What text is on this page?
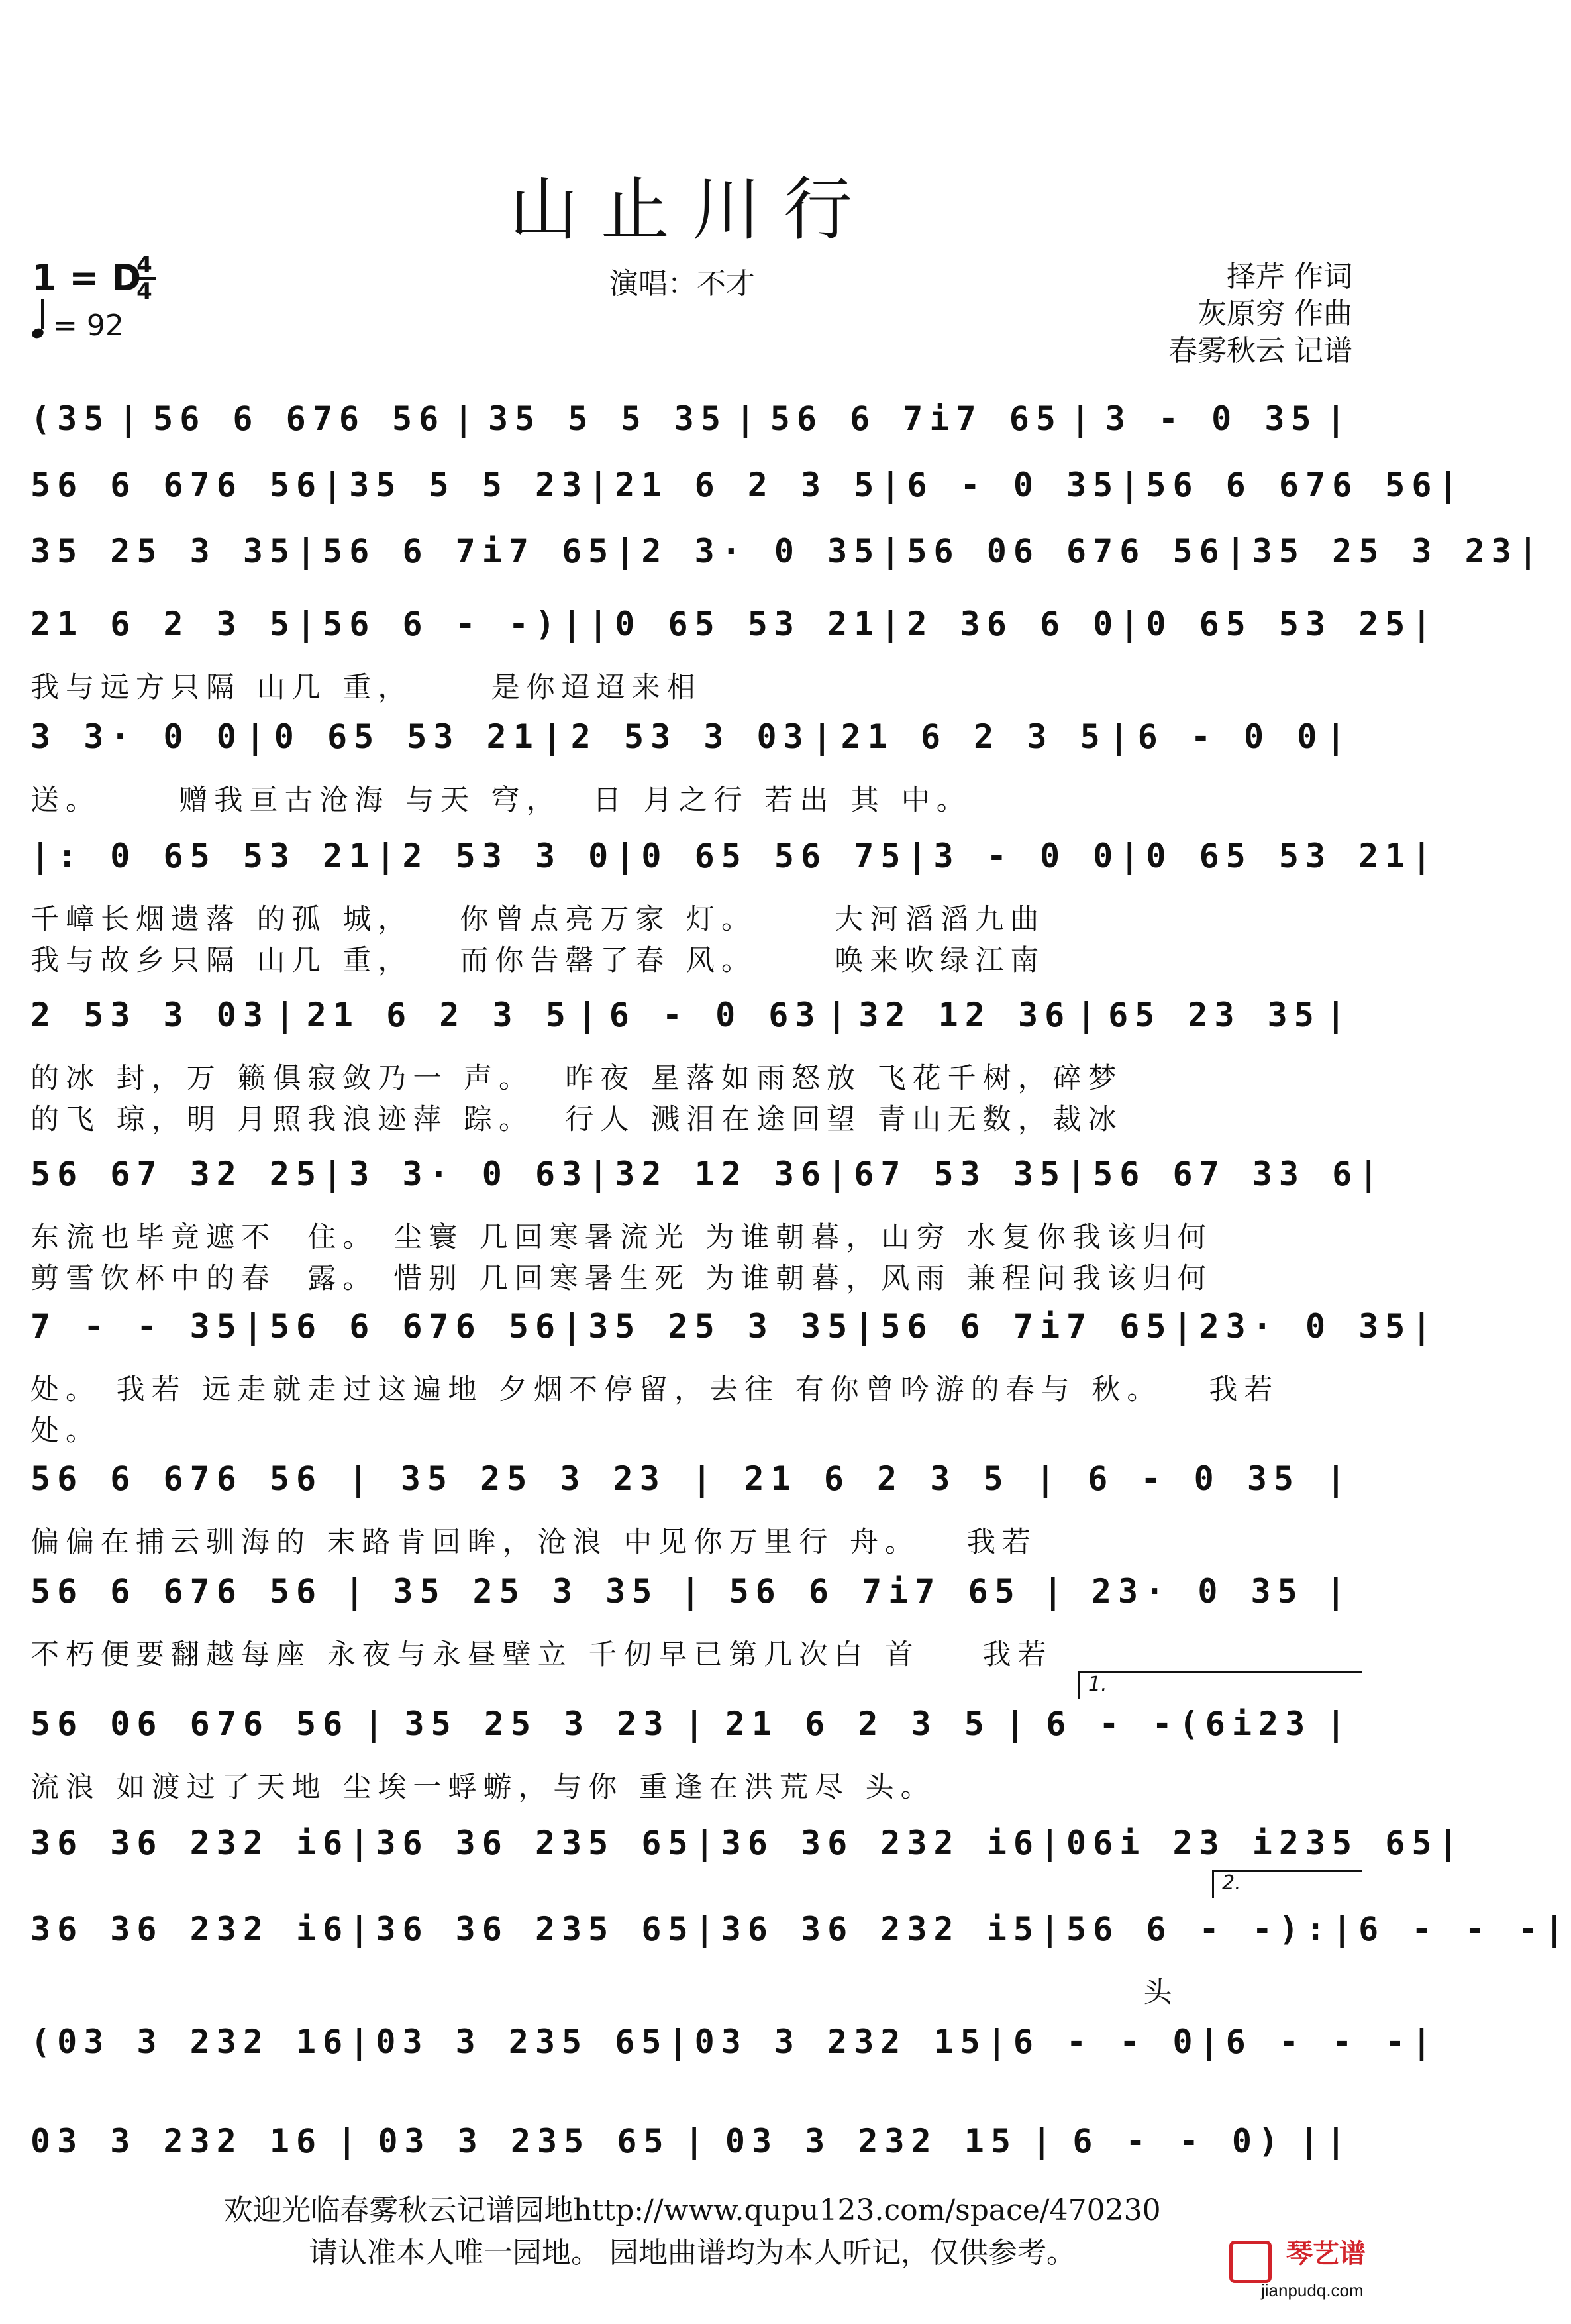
山止川行
1 = D
4
4
= 92
演唱：不才	择芹 作词
灰原穷 作曲
春雾秋云 记谱
(35 | 56 6 676 56 | 35 5 5 35 | 56 6 7i7 65 | 3 - 0 35 |
56 6 676 56 | 35 5 5 23 | 21 6 2 3 5 | 6 - 0 35 | 56 6 676 56 |
35 25 3 35 | 56 6 7i7 65 | 2 3· 0 35 | 56 06 676 56 | 35 25 3 23 |
21 6 2 3 5 | 56 6 - -) || 0 65 53 21 | 2 36 6 0 | 0 65 53 25 |
我与远方只隔 山几 重，     是你迢迢来相
3 3· 0 0 | 0 65 53 21 | 2 53 3 03 | 21 6 2 3 5 | 6 - 0 0 |
送。     赠我亘古沧海 与天 穹，  日 月之行 若出 其 中。
|: 0 65 53 21 | 2 53 3 0 | 0 65 56 75 | 3 - 0 0 | 0 65 53 21 |
千嶂长烟遗落 的孤 城，   你曾点亮万家 灯。     大河滔滔九曲
我与故乡只隔 山几 重，   而你告罄了春 风。     唤来吹绿江南
2 53 3 03 | 21 6 2 3 5 | 6 - 0 63 | 32 12 36 | 65 23 35 |
的冰 封，万 籁俱寂敛乃一 声。  昨夜 星落如雨怒放 飞花千树，碎梦
的飞 琼，明 月照我浪迹萍 踪。  行人 溅泪在途回望 青山无数，裁冰
56 67 32 25 | 3 3· 0 63 | 32 12 36 | 67 53 35 | 56 67 33 6 |
东流也毕竟遮不  住。 尘寰 几回寒暑流光 为谁朝暮，山穷 水复你我该归何
剪雪饮杯中的春  露。 惜别 几回寒暑生死 为谁朝暮，风雨 兼程问我该归何
7 - - 35 | 56 6 676 56 | 35 25 3 35 | 56 6 7i7 65 | 23· 0 35 |
处。 我若 远走就走过这遍地 夕烟不停留，去往 有你曾吟游的春与 秋。   我若
处。
56 6 676 56 | 35 25 3 23 | 21 6 2 3 5 | 6 - 0 35 |
偏偏在捕云驯海的 末路肯回眸，沧浪 中见你万里行 舟。   我若
56 6 676 56 | 35 25 3 35 | 56 6 7i7 65 | 23· 0 35 |
不朽便要翻越每座 永夜与永昼壁立 千仞早已第几次白 首    我若
56 06 676 56 | 35 25 3 23 | 21 6 2 3 5 | 6 - -(6i23 |
流浪 如渡过了天地 尘埃一蜉蝣，与你 重逢在洪荒尽 头。
36 36 232 i6 | 36 36 235 65 | 36 36 232 i6 | 06i 23 i235 65 |
36 36 232 i6 | 36 36 235 65 | 36 36 232 i5 | 56 6 - -): | 6 - - - |
头
(03 3 232 16 | 03 3 235 65 | 03 3 232 15 | 6 - - 0 | 6 - - - |
03 3 232 16 | 03 3 235 65 | 03 3 232 15 | 6 - - 0) ||
1.
2.
欢迎光临春雾秋云记谱园地http://www.qupu123.com/space/470230
请认准本人唯一园地。 园地曲谱均为本人听记，仅供参考。	琴艺谱
jianpudq.com
